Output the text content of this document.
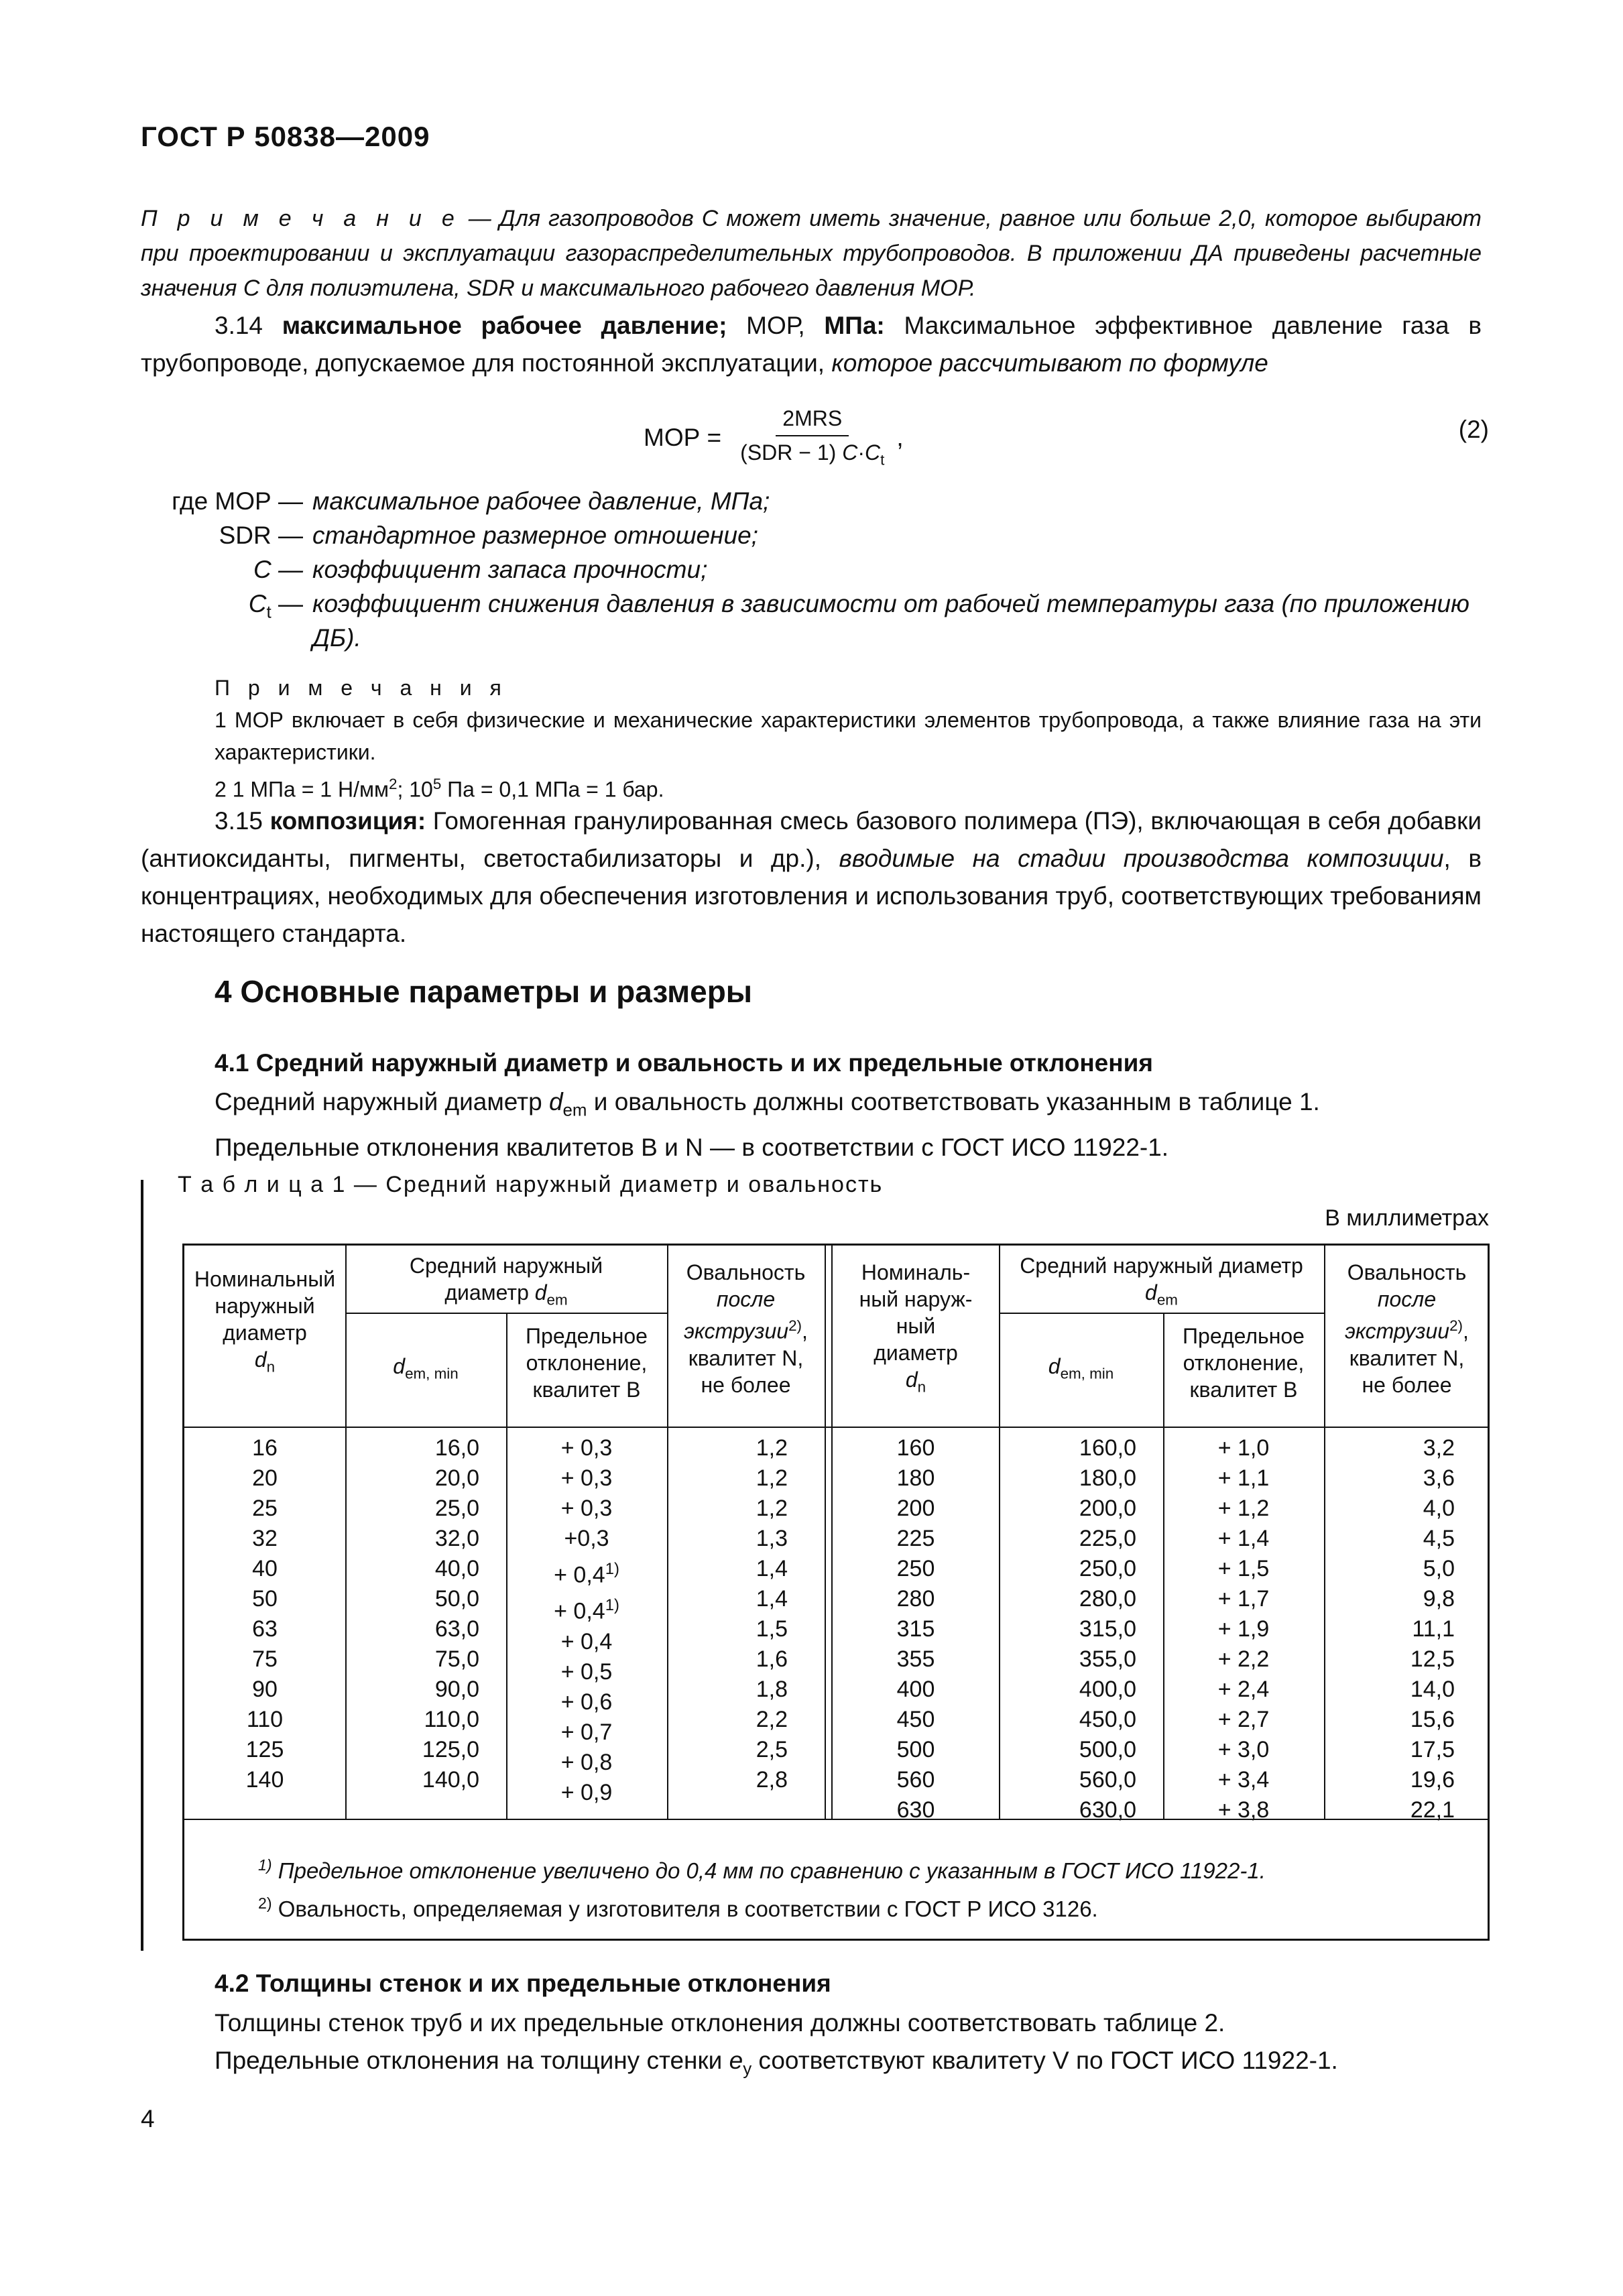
ГОСТ Р 50838—2009
П р и м е ч а н и е — Для газопроводов С может иметь значение, равное или больше 2,0, которое выбирают при проектировании и эксплуатации газораспределительных трубопроводов. В приложении ДА приведены расчетные значения С для полиэтилена, SDR и максимального рабочего давления МОР.
3.14 максимальное рабочее давление; МОР, МПа: Максимальное эффективное давление газа в трубопроводе, допускаемое для постоянной эксплуатации, которое рассчитывают по формуле
МОР = $\frac{\text{2MRS}}{(SDR - 1) C\cdot C_t}$ ,	(2)
где МОР — максимальное рабочее давление, МПа;
SDR — стандартное размерное отношение;
C — коэффициент запаса прочности;
$C_t$ — коэффициент снижения давления в зависимости от рабочей температуры газа (по приложению ДБ).
П р и м е ч а н и я
1 МОР включает в себя физические и механические характеристики элементов трубопровода, а также влияние газа на эти характеристики.
2 1 МПа = 1 $Н/мм^2$; $10^5$ Па = 0,1 МПа = 1 бар.
3.15 композиция: Гомогенная гранулированная смесь базового полимера (ПЭ), включающая в себя добавки (антиоксиданты, пигменты, светостабилизаторы и др.), вводимые на стадии производства композиции, в концентрациях, необходимых для обеспечения изготовления и использования труб, соответствующих требованиям настоящего стандарта.
4 Основные параметры и размеры
4.1 Средний наружный диаметр и овальность и их предельные отклонения
Средний наружный диаметр $d_{em}$ и овальность должны соответствовать указанным в таблице 1.
Предельные отклонения квалитетов В и N — в соответствии с ГОСТ ИСО 11922-1.
Т а б л и ц а 1 — Средний наружный диаметр и овальность
В миллиметрах
Номинальный
наружный
диаметр
$d_n$
Средний наружный
диаметр $d_{em}$
$d_{em, min}$
Предельное
отклонение,
квалитет В
Овальность
после
экструзии$^{2)}$,
квалитет N,
не более
Номиналь-
ный наруж-
ный
диаметр
$d_n$
Средний наружный диаметр
$d_{em}$
$d_{em, min}$
Предельное
отклонение,
квалитет В
Овальность
после
экструзии$^{2)}$,
квалитет N,
не более
16
20
25
32
40
50
63
75
90
110
125
140
16,0
20,0
25,0
32,0
40,0
50,0
63,0
75,0
90,0
110,0
125,0
140,0
+ 0,3
+ 0,3
+ 0,3
+0,3
+ $0,4^{1)}$
+ $0,4^{1)}$
+ 0,4
+ 0,5
+ 0,6
+ 0,7
+ 0,8
+ 0,9
1,2
1,2
1,2
1,3
1,4
1,4
1,5
1,6
1,8
2,2
2,5
2,8
160
180
200
225
250
280
315
355
400
450
500
560
630
160,0
180,0
200,0
225,0
250,0
280,0
315,0
355,0
400,0
450,0
500,0
560,0
630,0
+ 1,0
+ 1,1
+ 1,2
+ 1,4
+ 1,5
+ 1,7
+ 1,9
+ 2,2
+ 2,4
+ 2,7
+ 3,0
+ 3,4
+ 3,8
3,2
3,6
4,0
4,5
5,0
9,8
11,1
12,5
14,0
15,6
17,5
19,6
22,1
$^{1)}$ Предельное отклонение увеличено до 0,4 мм по сравнению с указанным в ГОСТ ИСО 11922-1.
$^{2)}$ Овальность, определяемая у изготовителя в соответствии с ГОСТ Р ИСО 3126.
4.2 Толщины стенок и их предельные отклонения
Толщины стенок труб и их предельные отклонения должны соответствовать таблице 2.
Предельные отклонения на толщину стенки $e_y$ соответствуют квалитету V по ГОСТ ИСО 11922-1.
4
